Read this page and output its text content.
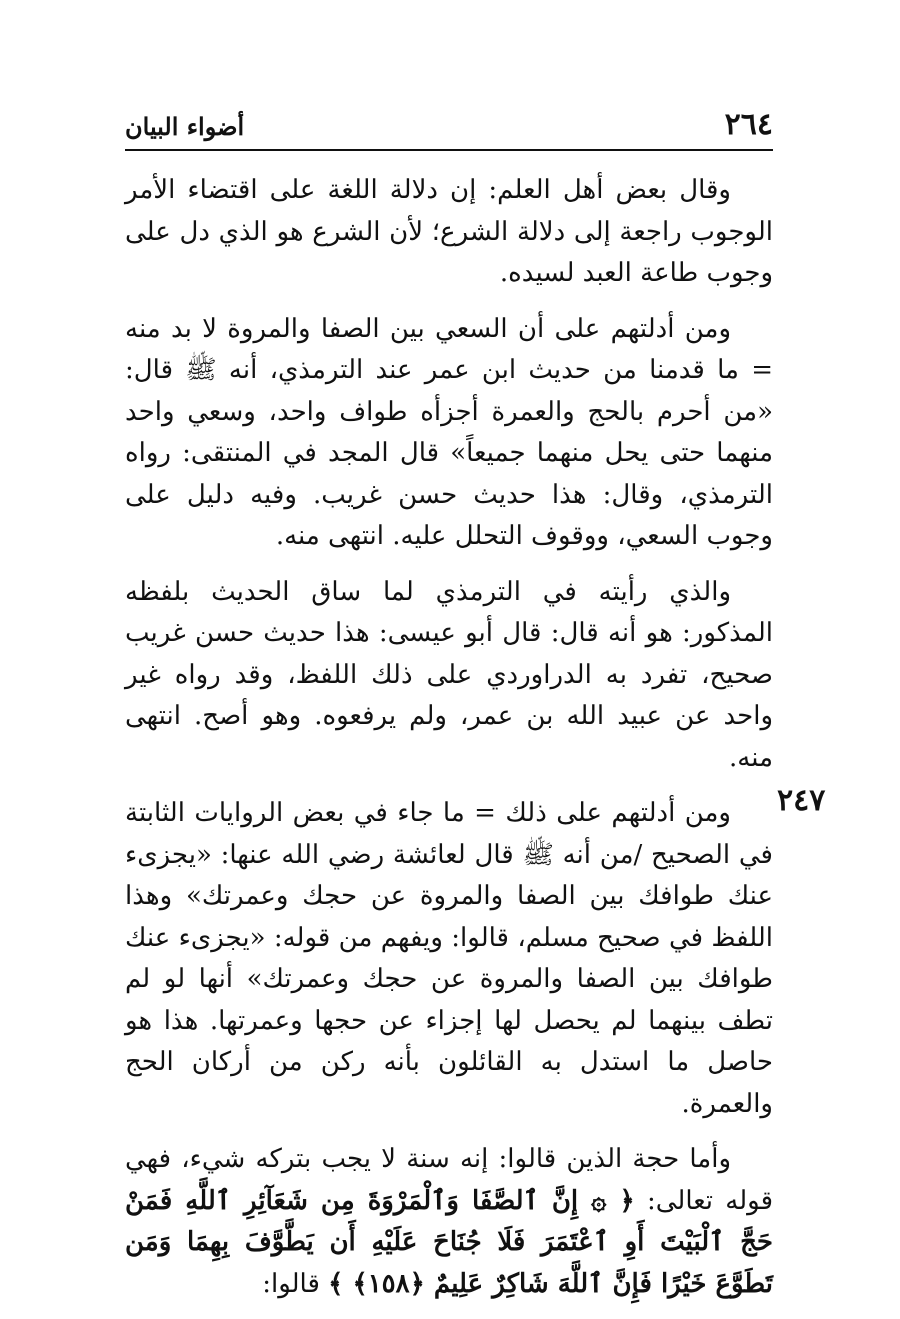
٢٦٤
أضواء البيان
٢٤٧

وقال بعض أهل العلم: إن دلالة اللغة على اقتضاء الأمر الوجوب راجعة إلى دلالة الشرع؛ لأن الشرع هو الذي دل على وجوب طاعة العبد لسيده.

ومن أدلتهم على أن السعي بين الصفا والمروة لا بد منه = ما قدمنا من حديث ابن عمر عند الترمذي، أنه ﷺ قال: «من أحرم بالحج والعمرة أجزأه طواف واحد، وسعي واحد منهما حتى يحل منهما جميعاً» قال المجد في المنتقى: رواه الترمذي، وقال: هذا حديث حسن غريب. وفيه دليل على وجوب السعي، ووقوف التحلل عليه. انتهى منه.

والذي رأيته في الترمذي لما ساق الحديث بلفظه المذكور: هو أنه قال: قال أبو عيسى: هذا حديث حسن غريب صحيح، تفرد به الدراوردي على ذلك اللفظ، وقد رواه غير واحد عن عبيد الله بن عمر، ولم يرفعوه. وهو أصح. انتهى منه.

ومن أدلتهم على ذلك = ما جاء في بعض الروايات الثابتة في الصحيح /من أنه ﷺ قال لعائشة رضي الله عنها: «يجزىء عنك طوافك بين الصفا والمروة عن حجك وعمرتك» وهذا اللفظ في صحيح مسلم، قالوا: ويفهم من قوله: «يجزىء عنك طوافك بين الصفا والمروة عن حجك وعمرتك» أنها لو لم تطف بينهما لم يحصل لها إجزاء عن حجها وعمرتها. هذا هو حاصل ما استدل به القائلون بأنه ركن من أركان الحج والعمرة.

وأما حجة الذين قالوا: إنه سنة لا يجب بتركه شيء، فهي قوله تعالى: ﴿ ۞ إِنَّ ٱلصَّفَا وَٱلْمَرْوَةَ مِن شَعَآئِرِ ٱللَّهِ فَمَنْ حَجَّ ٱلْبَيْتَ أَوِ ٱعْتَمَرَ فَلَا جُنَاحَ عَلَيْهِ أَن يَطَّوَّفَ بِهِمَا وَمَن تَطَوَّعَ خَيْرًا فَإِنَّ ٱللَّهَ شَاكِرٌ عَلِيمٌ ﴿١٥٨﴾ ﴾ قالوا:
